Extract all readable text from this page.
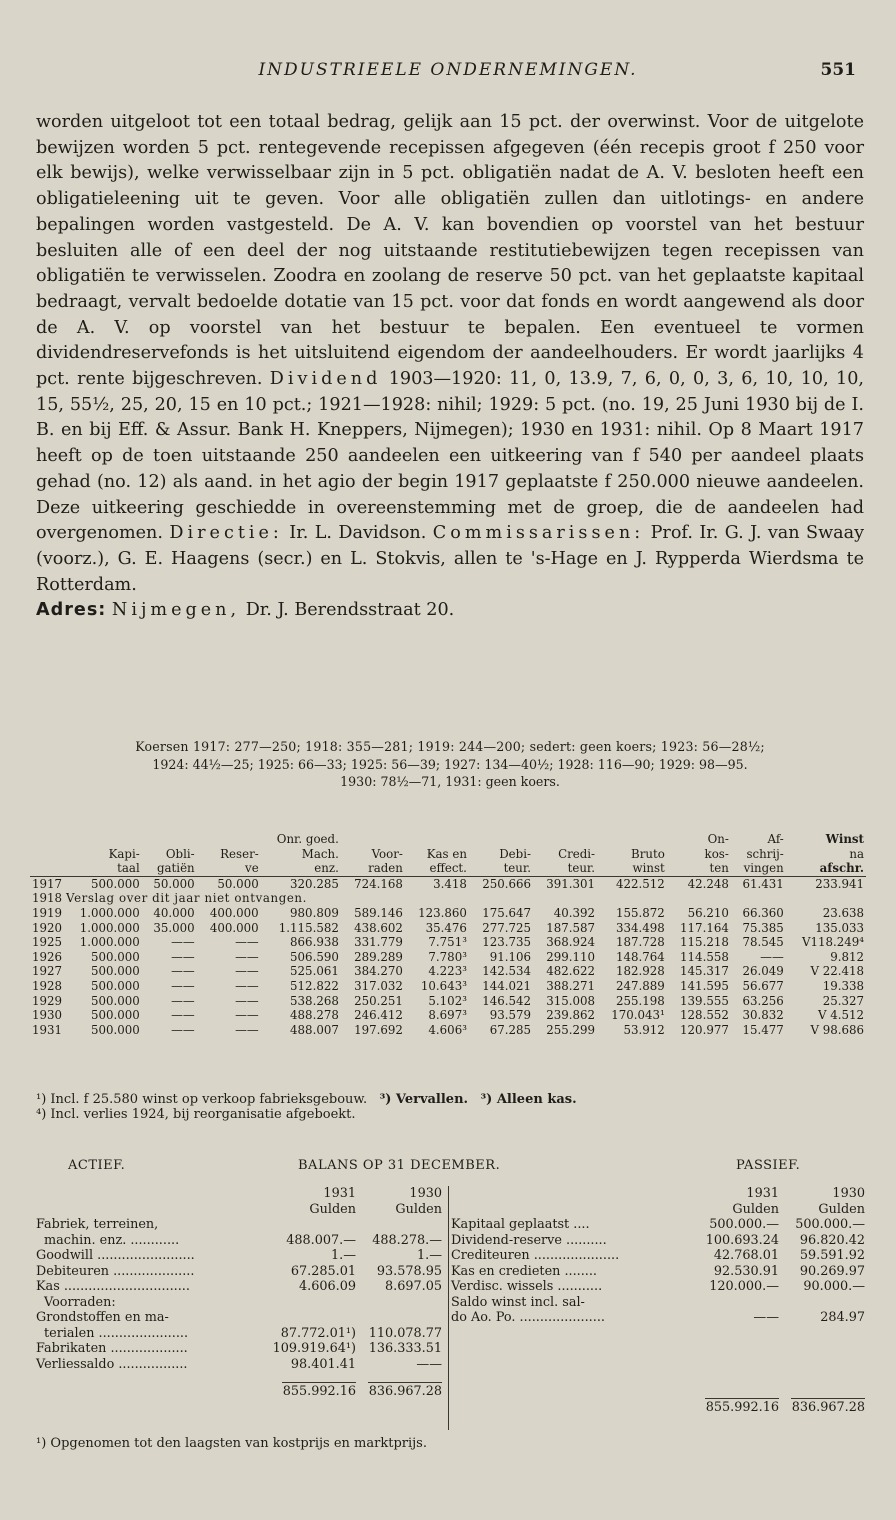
INDUSTRIEELE ONDERNEMINGEN.	551
worden uitgeloot tot een totaal bedrag, gelijk aan 15 pct. der overwinst. Voor de uitgelote bewijzen worden 5 pct. rentegevende recepissen afgegeven (één recepis groot f 250 voor elk bewijs), welke verwisselbaar zijn in 5 pct. obligatiën nadat de A. V. besloten heeft een obligatieleening uit te geven. Voor alle obligatiën zullen dan uitlotings- en andere bepalingen worden vastgesteld. De A. V. kan bovendien op voorstel van het bestuur besluiten alle of een deel der nog uitstaande restitutiebewijzen tegen recepissen van obligatiën te verwisselen. Zoodra en zoolang de reserve 50 pct. van het geplaatste kapitaal bedraagt, vervalt bedoelde dotatie van 15 pct. voor dat fonds en wordt aangewend als door de A. V. op voorstel van het bestuur te bepalen. Een eventueel te vormen dividendreservefonds is het uitsluitend eigendom der aandeelhouders. Er wordt jaarlijks 4 pct. rente bijgeschreven. Dividend 1903—1920: 11, 0, 13.9, 7, 6, 0, 0, 3, 6, 10, 10, 10, 15, 55½, 25, 20, 15 en 10 pct.; 1921—1928: nihil; 1929: 5 pct. (no. 19, 25 Juni 1930 bij de I. B. en bij Eff. & Assur. Bank H. Kneppers, Nijmegen); 1930 en 1931: nihil. Op 8 Maart 1917 heeft op de toen uitstaande 250 aandeelen een uitkeering van f 540 per aandeel plaats gehad (no. 12) als aand. in het agio der begin 1917 geplaatste f 250.000 nieuwe aandeelen. Deze uitkeering geschiedde in overeenstemming met de groep, die de aandeelen had overgenomen. Directie: Ir. L. Davidson. Commissarissen: Prof. Ir. G. J. van Swaay (voorz.), G. E. Haagens (secr.) en L. Stokvis, allen te 's-Hage en J. Rypperda Wierdsma te Rotterdam.
Adres: Nijmegen, Dr. J. Berendsstraat 20.
Koersen 1917: 277—250; 1918: 355—281; 1919: 244—200; sedert: geen koers; 1923: 56—28½;
1924: 44½—25; 1925: 66—33; 1925: 56—39; 1927: 134—40½; 1928: 116—90; 1929: 98—95.
1930: 78½—71, 1931: geen koers.
				Onr. goed.						On-	Af-	Winst
	Kapi-	Obli-	Reser-	Mach.	Voor-	Kas en	Debi-	Credi-	Bruto	kos-	schrij-	na
	taal	gatiën	ve	enz.	raden	effect.	teur.	teur.	winst	ten	vingen	afschr.
1917	500.000	50.000	50.000	320.285	724.168	3.418	250.666	391.301	422.512	42.248	61.431	233.941
1918	Verslag over dit jaar niet ontvangen.											
1919	1.000.000	40.000	400.000	980.809	589.146	123.860	175.647	40.392	155.872	56.210	66.360	23.638
1920	1.000.000	35.000	400.000	1.115.582	438.602	35.476	277.725	187.587	334.498	117.164	75.385	135.033
1925	1.000.000	——	——	866.938	331.779	7.751³	123.735	368.924	187.728	115.218	78.545	V118.249⁴
1926	500.000	——	——	506.590	289.289	7.780³	91.106	299.110	148.764	114.558	——	9.812
1927	500.000	——	——	525.061	384.270	4.223³	142.534	482.622	182.928	145.317	26.049	V 22.418
1928	500.000	——	——	512.822	317.032	10.643³	144.021	388.271	247.889	141.595	56.677	19.338
1929	500.000	——	——	538.268	250.251	5.102³	146.542	315.008	255.198	139.555	63.256	25.327
1930	500.000	——	——	488.278	246.412	8.697³	93.579	239.862	170.043¹	128.552	30.832	V 4.512
1931	500.000	——	——	488.007	197.692	4.606³	67.285	255.299	53.912	120.977	15.477	V 98.686
¹) Incl. f 25.580 winst op verkoop fabrieksgebouw. ³) Vervallen. ³) Alleen kas.
⁴) Incl. verlies 1924, bij reorganisatie afgeboekt.
ACTIEF.	BALANS OP 31 DECEMBER.	PASSIEF.
	1931	1930
	Gulden	Gulden
Fabriek, terreinen,		
machin. enz. ............	488.007.—	488.278.—
Goodwill ........................	1.—	1.—
Debiteuren ....................	67.285.01	93.578.95
Kas ...............................	4.606.09	8.697.05
Voorraden:		
Grondstoffen en ma-		
terialen ......................	87.772.01¹)	110.078.77
Fabrikaten ...................	109.919.64¹)	136.333.51
Verliessaldo .................	98.401.41	——
	855.992.16	836.967.28
	1931	1930
	Gulden	Gulden
Kapitaal geplaatst ....	500.000.—	500.000.—
Dividend-reserve ..........	100.693.24	96.820.42
Crediteuren .....................	42.768.01	59.591.92
Kas en credieten ........	92.530.91	90.269.97
Verdisc. wissels ...........	120.000.—	90.000.—
Saldo winst incl. sal-		
do Ao. Po. .....................	——	284.97

	855.992.16	836.967.28
¹) Opgenomen tot den laagsten van kostprijs en marktprijs.
